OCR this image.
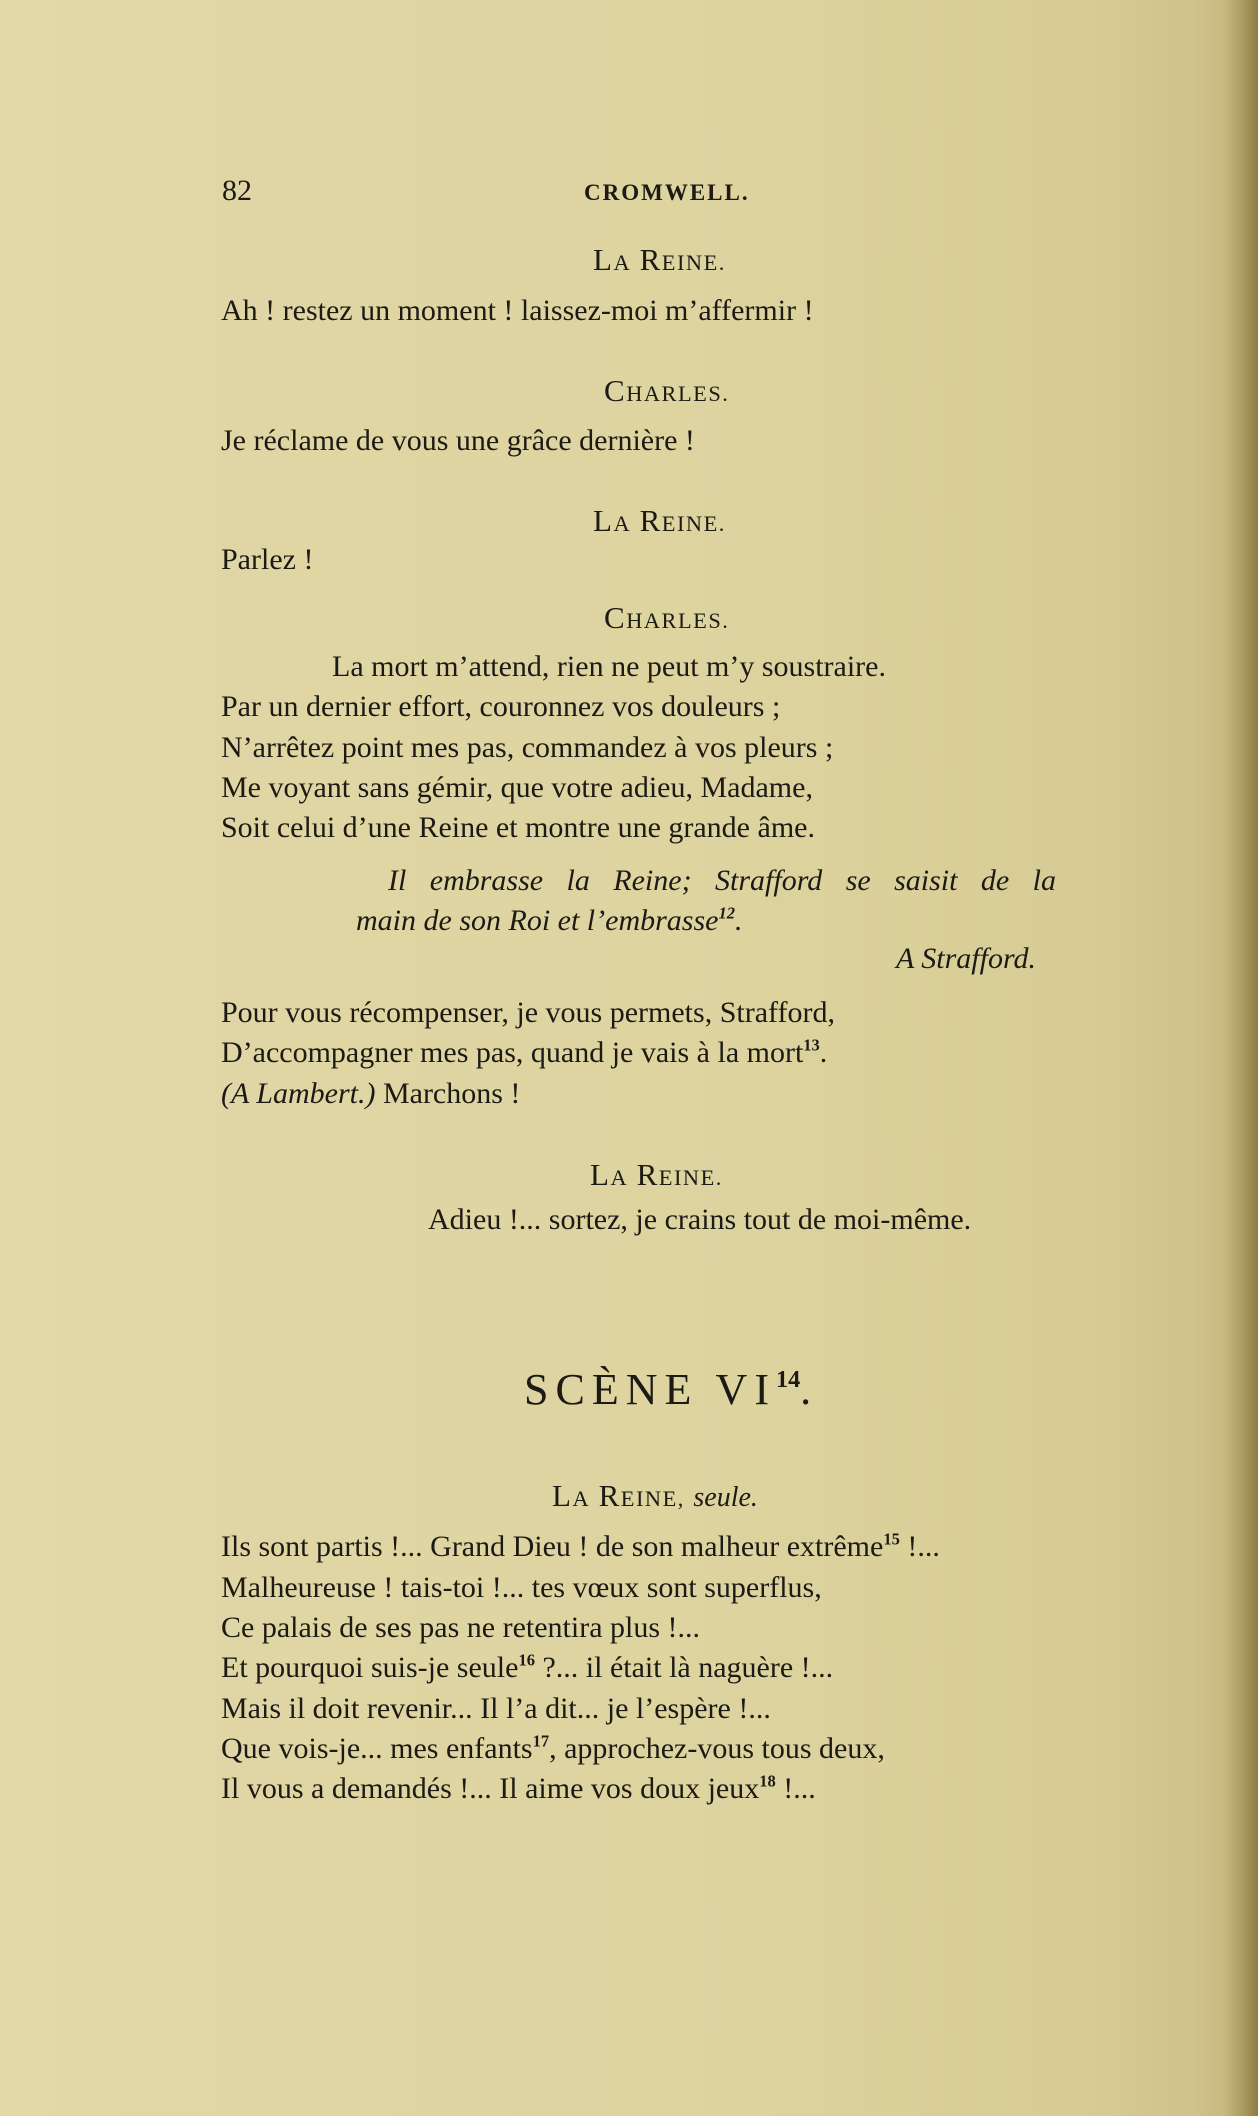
82	CROMWELL.
LA REINE.
Ah ! restez un moment ! laissez-moi m’affermir !
CHARLES.
Je réclame de vous une grâce dernière !
LA REINE.
Parlez !
CHARLES.
La mort m’attend, rien ne peut m’y soustraire.
Par un dernier effort, couronnez vos douleurs ;
N’arrêtez point mes pas, commandez à vos pleurs ;
Me voyant sans gémir, que votre adieu, Madame,
Soit celui d’une Reine et montre une grande âme.
Il embrasse la Reine; Strafford se saisit de la
main de son Roi et l’embrasse$^{12}$.
A Strafford.
Pour vous récompenser, je vous permets, Strafford,
D’accompagner mes pas, quand je vais à la mort$^{13}$.
(A Lambert.) Marchons !
LA REINE.
Adieu !... sortez, je crains tout de moi-même.
SCÈNE VI$^{14}$.
LA REINE, seule.
Ils sont partis !... Grand Dieu ! de son malheur extrême$^{15}$ !...
Malheureuse ! tais-toi !... tes vœux sont superflus,
Ce palais de ses pas ne retentira plus !...
Et pourquoi suis-je seule$^{16}$ ?... il était là naguère !...
Mais il doit revenir... Il l’a dit... je l’espère !...
Que vois-je... mes enfants$^{17}$, approchez-vous tous deux,
Il vous a demandés !... Il aime vos doux jeux$^{18}$ !...
